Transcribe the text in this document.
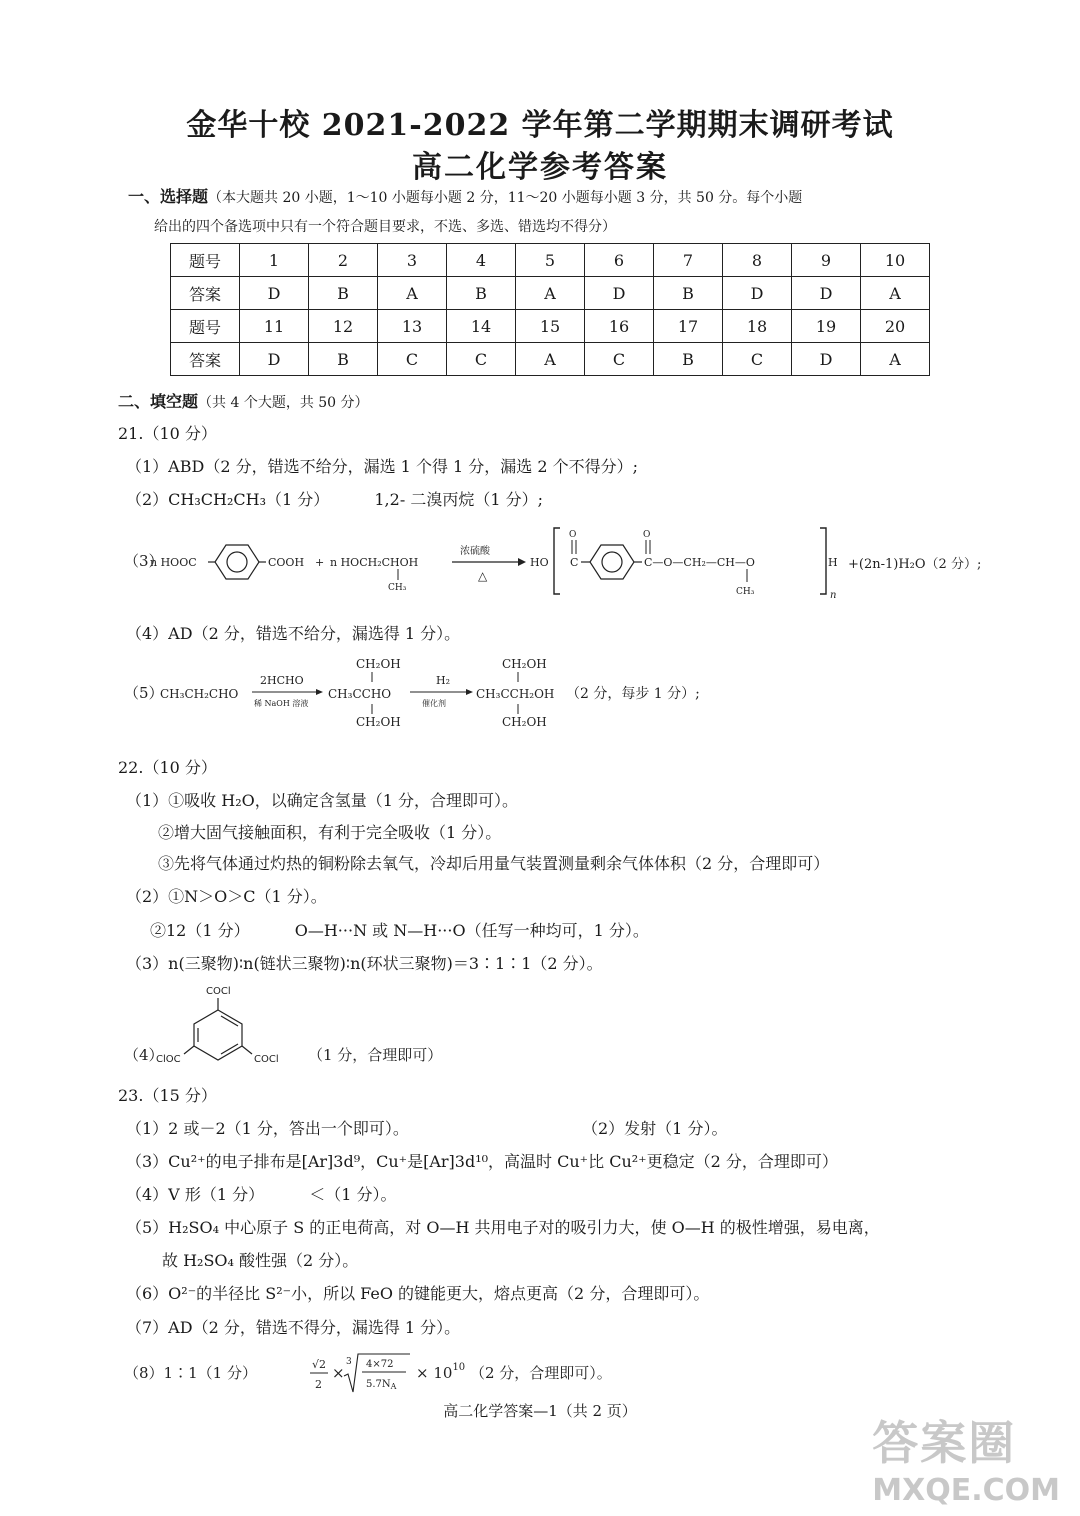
金华十校 2021-2022 学年第二学期期末调研考试
高二化学参考答案
一、选择题（本大题共 20 小题，1～10 小题每小题 2 分，11～20 小题每小题 3 分，共 50 分。每个小题
给出的四个备选项中只有一个符合题目要求，不选、多选、错选均不得分）
题号	1	2	3	4	5	6	7	8	9	10
答案	D	B	A	B	A	D	B	D	D	A
题号	11	12	13	14	15	16	17	18	19	20
答案	D	B	C	C	A	C	B	C	D	A
二、填空题（共 4 个大题，共 50 分）
21.（10 分）
（1）ABD（2 分，错选不给分，漏选 1 个得 1 分，漏选 2 个不得分）;
（2）CH₃CH₂CH₃（1 分）	1,2- 二溴丙烷（1 分）;
（3）
n HOOC	COOH + n HOCH₂CHOH
CH₃
浓硫酸
△
HO C
O
C—O—CH₂—CH—O
O
CH₃
H
n
+(2n-1)H₂O（2 分）;
（4）AD（2 分，错选不给分，漏选得 1 分）。
（5）
CH₃CH₂CHO
2HCHO
稀 NaOH 溶液
CH₂OH
CH₃CCHO
CH₂OH
H₂
催化剂
CH₂OH
CH₃CCH₂OH
CH₂OH
（2 分，每步 1 分）;
22.（10 分）
（1）①吸收 H₂O，以确定含氢量（1 分，合理即可）。
②增大固气接触面积，有利于完全吸收（1 分）。
③先将气体通过灼热的铜粉除去氧气，冷却后用量气装置测量剩余气体体积（2 分，合理即可）
（2）①N＞O＞C（1 分）。
②12（1 分）	O—H···N 或 N—H···O（任写一种均可，1 分）。
（3）n(三聚物)∶n(链状三聚物)∶n(环状三聚物)＝3∶1∶1（2 分）。
（4）
COCl
ClOC	COCl （1 分，合理即可）
23.（15 分）
（1）2 或－2（1 分，答出一个即可）。	（2）发射（1 分）。
（3）Cu²⁺的电子排布是[Ar]3d⁹，Cu⁺是[Ar]3d¹⁰，高温时 Cu⁺比 Cu²⁺更稳定（2 分，合理即可）
（4）V 形（1 分）	＜（1 分）。
（5）H₂SO₄ 中心原子 S 的正电荷高，对 O—H 共用电子对的吸引力大，使 O—H 的极性增强，易电离，
故 H₂SO₄ 酸性强（2 分）。
（6）O²⁻的半径比 S²⁻小，所以 FeO 的键能更大，熔点更高（2 分，合理即可）。
（7）AD（2 分，错选不得分，漏选得 1 分）。
（8）1∶1（1 分）	√2
2
×
3 4×72
$5.7N_A$
× $10^{10}$ （2 分，合理即可）。
高二化学答案—1（共 2 页）
答案圈
MXQE.COM
